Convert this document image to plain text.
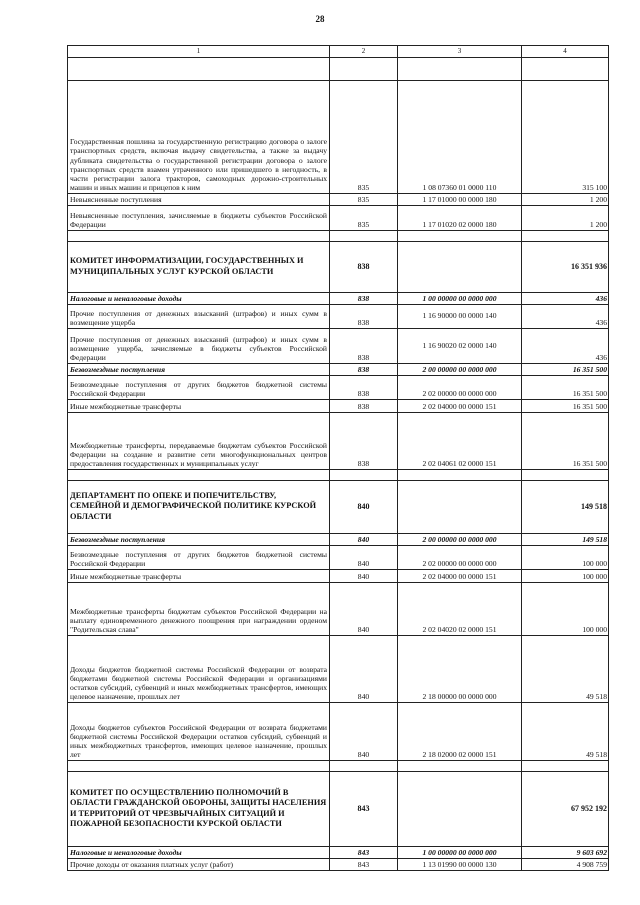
28
1	2	3	4

Государственная пошлина за государственную регистрацию договора о залоге транспортных средств, включая выдачу свидетельства, а также за выдачу дубликата свидетельства о государственной регистрации договора о залоге транспортных средств взамен утраченного или пришедшего в негодность, в части регистрации залога тракторов, самоходных дорожно-строительных машин и иных машин и прицепов к ним	835	1 08 07360 01 0000 110	315 100
Невыясненные поступления	835	1 17 01000 00 0000 180	1 200
Невыясненные поступления, зачисляемые в бюджеты субъектов Российской Федерации	835	1 17 01020 02 0000 180	1 200

КОМИТЕТ ИНФОРМАТИЗАЦИИ, ГОСУДАРСТВЕННЫХ И МУНИЦИПАЛЬНЫХ УСЛУГ КУРСКОЙ ОБЛАСТИ	838		16 351 936
Налоговые и неналоговые доходы	838	1 00 00000 00 0000 000	436
Прочие поступления от денежных взысканий (штрафов) и иных сумм в возмещение ущерба	838	1 16 90000 00 0000 140	436
Прочие поступления от денежных взысканий (штрафов) и иных сумм в возмещение ущерба, зачисляемые в бюджеты субъектов Российской Федерации	838	1 16 90020 02 0000 140	436
Безвозмездные поступления	838	2 00 00000 00 0000 000	16 351 500
Безвозмездные поступления от других бюджетов бюджетной системы Российской Федерации	838	2 02 00000 00 0000 000	16 351 500
Иные межбюджетные трансферты	838	2 02 04000 00 0000 151	16 351 500
Межбюджетные трансферты, передаваемые бюджетам субъектов Российской Федерации на создание и развитие сети многофункциональных центров предоставления государственных и муниципальных услуг	838	2 02 04061 02 0000 151	16 351 500

ДЕПАРТАМЕНТ ПО ОПЕКЕ И ПОПЕЧИТЕЛЬСТВУ, СЕМЕЙНОЙ И ДЕМОГРАФИЧЕСКОЙ ПОЛИТИКЕ КУРСКОЙ ОБЛАСТИ	840		149 518
Безвозмездные поступления	840	2 00 00000 00 0000 000	149 518
Безвозмездные поступления от других бюджетов бюджетной системы Российской Федерации	840	2 02 00000 00 0000 000	100 000
Иные межбюджетные трансферты	840	2 02 04000 00 0000 151	100 000
Межбюджетные трансферты бюджетам субъектов Российской Федерации на выплату единовременного денежного поощрения при награждении орденом "Родительская слава"	840	2 02 04020 02 0000 151	100 000
Доходы бюджетов бюджетной системы Российской Федерации от возврата бюджетами бюджетной системы Российской Федерации и организациями остатков субсидий, субвенций и иных межбюджетных трансфертов, имеющих целевое назначение, прошлых лет	840	2 18 00000 00 0000 000	49 518
Доходы бюджетов субъектов Российской Федерации от возврата бюджетами бюджетной системы Российской Федерации остатков субсидий, субвенций и иных межбюджетных трансфертов, имеющих целевое назначение, прошлых лет	840	2 18 02000 02 0000 151	49 518

КОМИТЕТ ПО ОСУЩЕСТВЛЕНИЮ ПОЛНОМОЧИЙ В ОБЛАСТИ ГРАЖДАНСКОЙ ОБОРОНЫ, ЗАЩИТЫ НАСЕЛЕНИЯ И ТЕРРИТОРИЙ ОТ ЧРЕЗВЫЧАЙНЫХ СИТУАЦИЙ И ПОЖАРНОЙ БЕЗОПАСНОСТИ КУРСКОЙ ОБЛАСТИ	843		67 952 192
Налоговые и неналоговые доходы	843	1 00 00000 00 0000 000	9 603 692
Прочие доходы от оказания платных услуг (работ)	843	1 13 01990 00 0000 130	4 908 759
